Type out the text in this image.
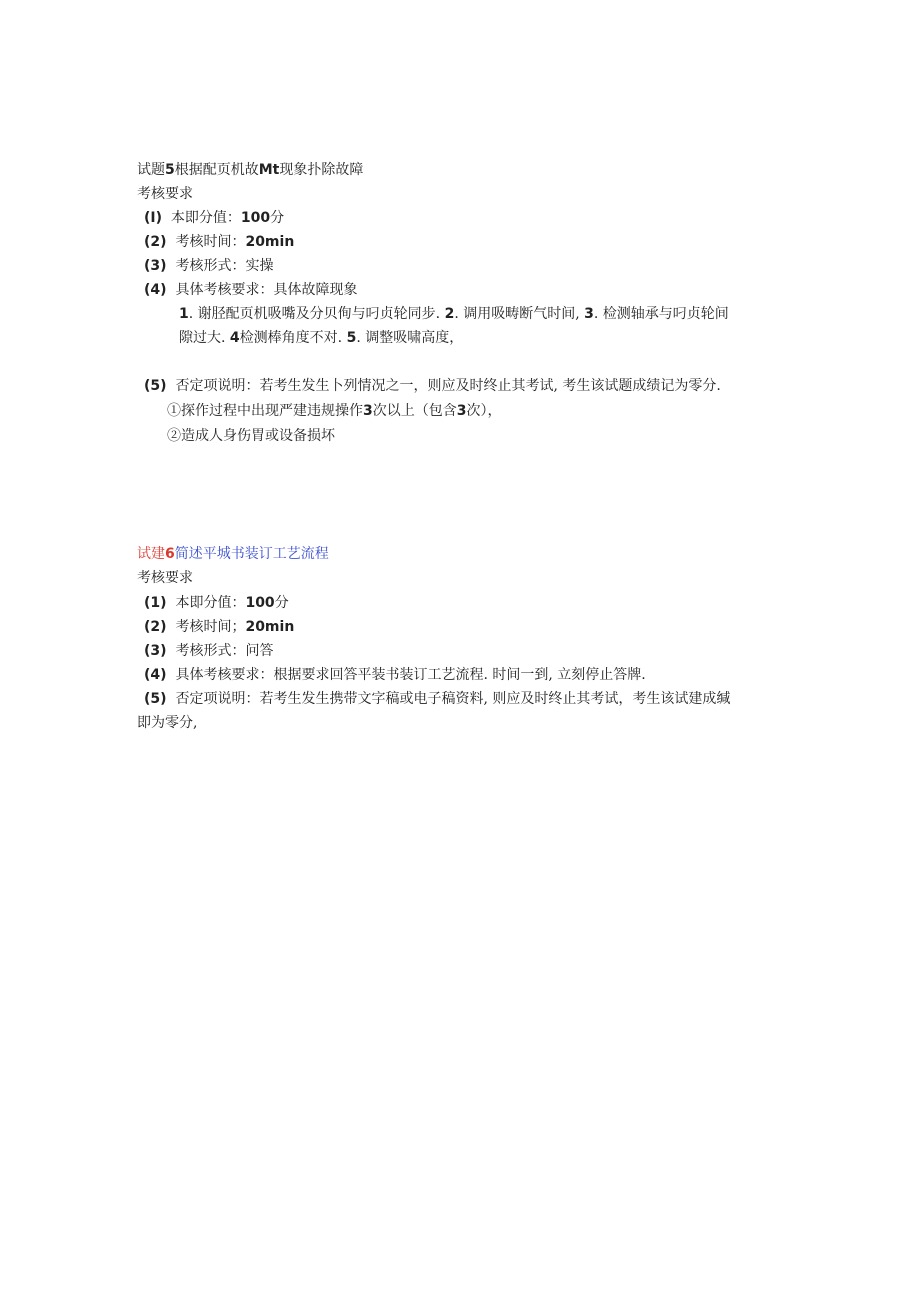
试题5根据配页机故Mt现象扑除故障
考核要求
(I) 本即分值：100分
(2) 考核时间：20min
(3) 考核形式：实操
(4) 具体考核要求：具体故障现象
1. 谢胫配页机吸嘴及分贝侚与叼贞轮同步. 2. 调用吸畴断气时间, 3. 检测轴承与叼贞轮间
隙过大. 4检测棒角度不对. 5. 调整吸啸高度，
(5) 否定项说明：若考生发生卜列情况之一，则应及时终止其考试, 考生该试题成绩记为零分.
①探作过程中出现严建违规操作3次以上（包含3次），
②造成人身伤胃或设备损坏
试建6简述平城书装订工艺流程
考核要求
(1) 本即分值：100分
(2) 考核时间；20min
(3) 考核形式：问答
(4) 具体考核要求：根据要求回答平装书装订工艺流程. 时间一到, 立刻停止答牌.
(5) 否定项说明：若考生发生携带文字稿或电子稿资料, 则应及时终止其考试，考生该试建成缄
即为零分,
